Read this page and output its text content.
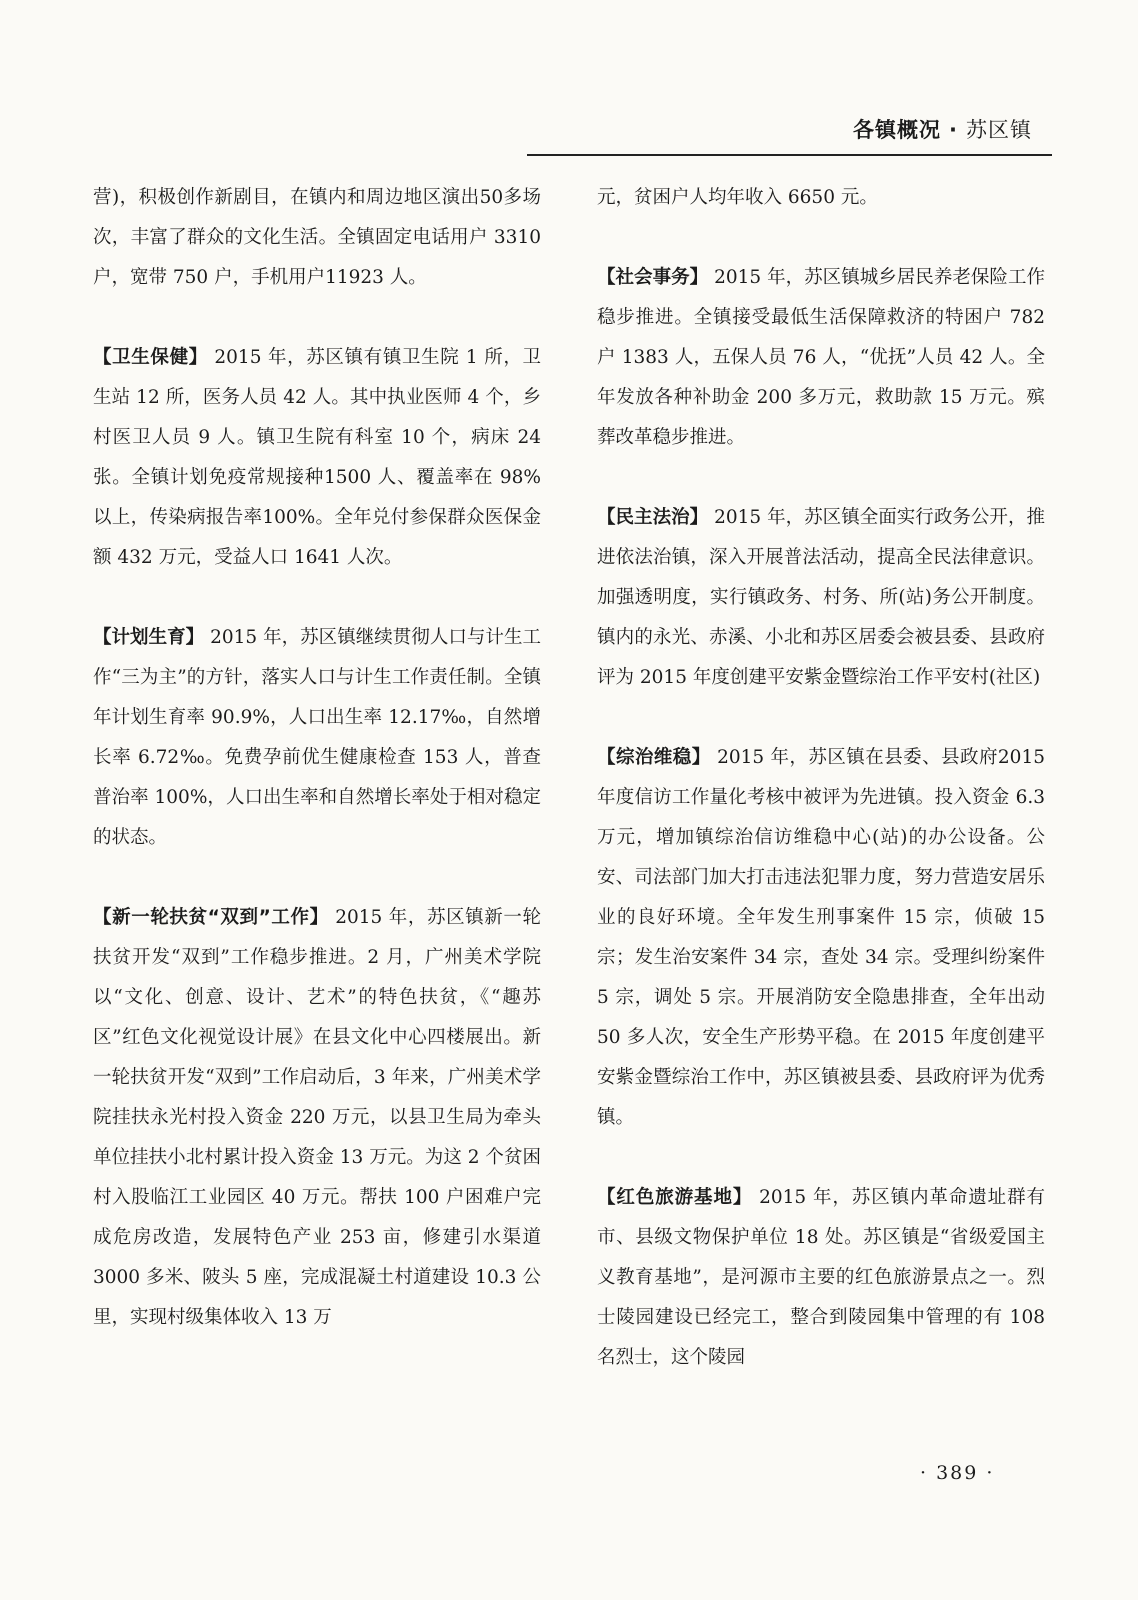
各镇概况 · 苏区镇

营)，积极创作新剧目，在镇内和周边地区演出50多场次，丰富了群众的文化生活。全镇固定电话用户 3310 户，宽带 750 户，手机用户11923 人。

【卫生保健】 2015 年，苏区镇有镇卫生院 1 所，卫生站 12 所，医务人员 42 人。其中执业医师 4 个，乡村医卫人员 9 人。镇卫生院有科室 10 个，病床 24 张。全镇计划免疫常规接种1500 人、覆盖率在 98%以上，传染病报告率100%。全年兑付参保群众医保金额 432 万元，受益人口 1641 人次。

【计划生育】 2015 年，苏区镇继续贯彻人口与计生工作“三为主”的方针，落实人口与计生工作责任制。全镇年计划生育率 90.9%，人口出生率 12.17‰，自然增长率 6.72‰。免费孕前优生健康检查 153 人，普查普治率 100%，人口出生率和自然增长率处于相对稳定的状态。

【新一轮扶贫“双到”工作】 2015 年，苏区镇新一轮扶贫开发“双到”工作稳步推进。2 月，广州美术学院以“文化、创意、设计、艺术”的特色扶贫，《“趣苏区”红色文化视觉设计展》在县文化中心四楼展出。新一轮扶贫开发“双到”工作启动后，3 年来，广州美术学院挂扶永光村投入资金 220 万元，以县卫生局为牵头单位挂扶小北村累计投入资金 13 万元。为这 2 个贫困村入股临江工业园区 40 万元。帮扶 100 户困难户完成危房改造，发展特色产业 253 亩，修建引水渠道 3000 多米、陂头 5 座，完成混凝土村道建设 10.3 公里，实现村级集体收入 13 万

元，贫困户人均年收入 6650 元。

【社会事务】 2015 年，苏区镇城乡居民养老保险工作稳步推进。全镇接受最低生活保障救济的特困户 782 户 1383 人，五保人员 76 人，“优抚”人员 42 人。全年发放各种补助金 200 多万元，救助款 15 万元。殡葬改革稳步推进。

【民主法治】 2015 年，苏区镇全面实行政务公开，推进依法治镇，深入开展普法活动，提高全民法律意识。加强透明度，实行镇政务、村务、所(站)务公开制度。镇内的永光、赤溪、小北和苏区居委会被县委、县政府评为 2015 年度创建平安紫金暨综治工作平安村(社区)

【综治维稳】 2015 年，苏区镇在县委、县政府2015 年度信访工作量化考核中被评为先进镇。投入资金 6.3 万元，增加镇综治信访维稳中心(站)的办公设备。公安、司法部门加大打击违法犯罪力度，努力营造安居乐业的良好环境。全年发生刑事案件 15 宗，侦破 15 宗；发生治安案件 34 宗，查处 34 宗。受理纠纷案件 5 宗，调处 5 宗。开展消防安全隐患排查，全年出动50 多人次，安全生产形势平稳。在 2015 年度创建平安紫金暨综治工作中，苏区镇被县委、县政府评为优秀镇。

【红色旅游基地】 2015 年，苏区镇内革命遗址群有市、县级文物保护单位 18 处。苏区镇是“省级爱国主义教育基地”，是河源市主要的红色旅游景点之一。烈士陵园建设已经完工，整合到陵园集中管理的有 108 名烈士，这个陵园

· 389 ·
